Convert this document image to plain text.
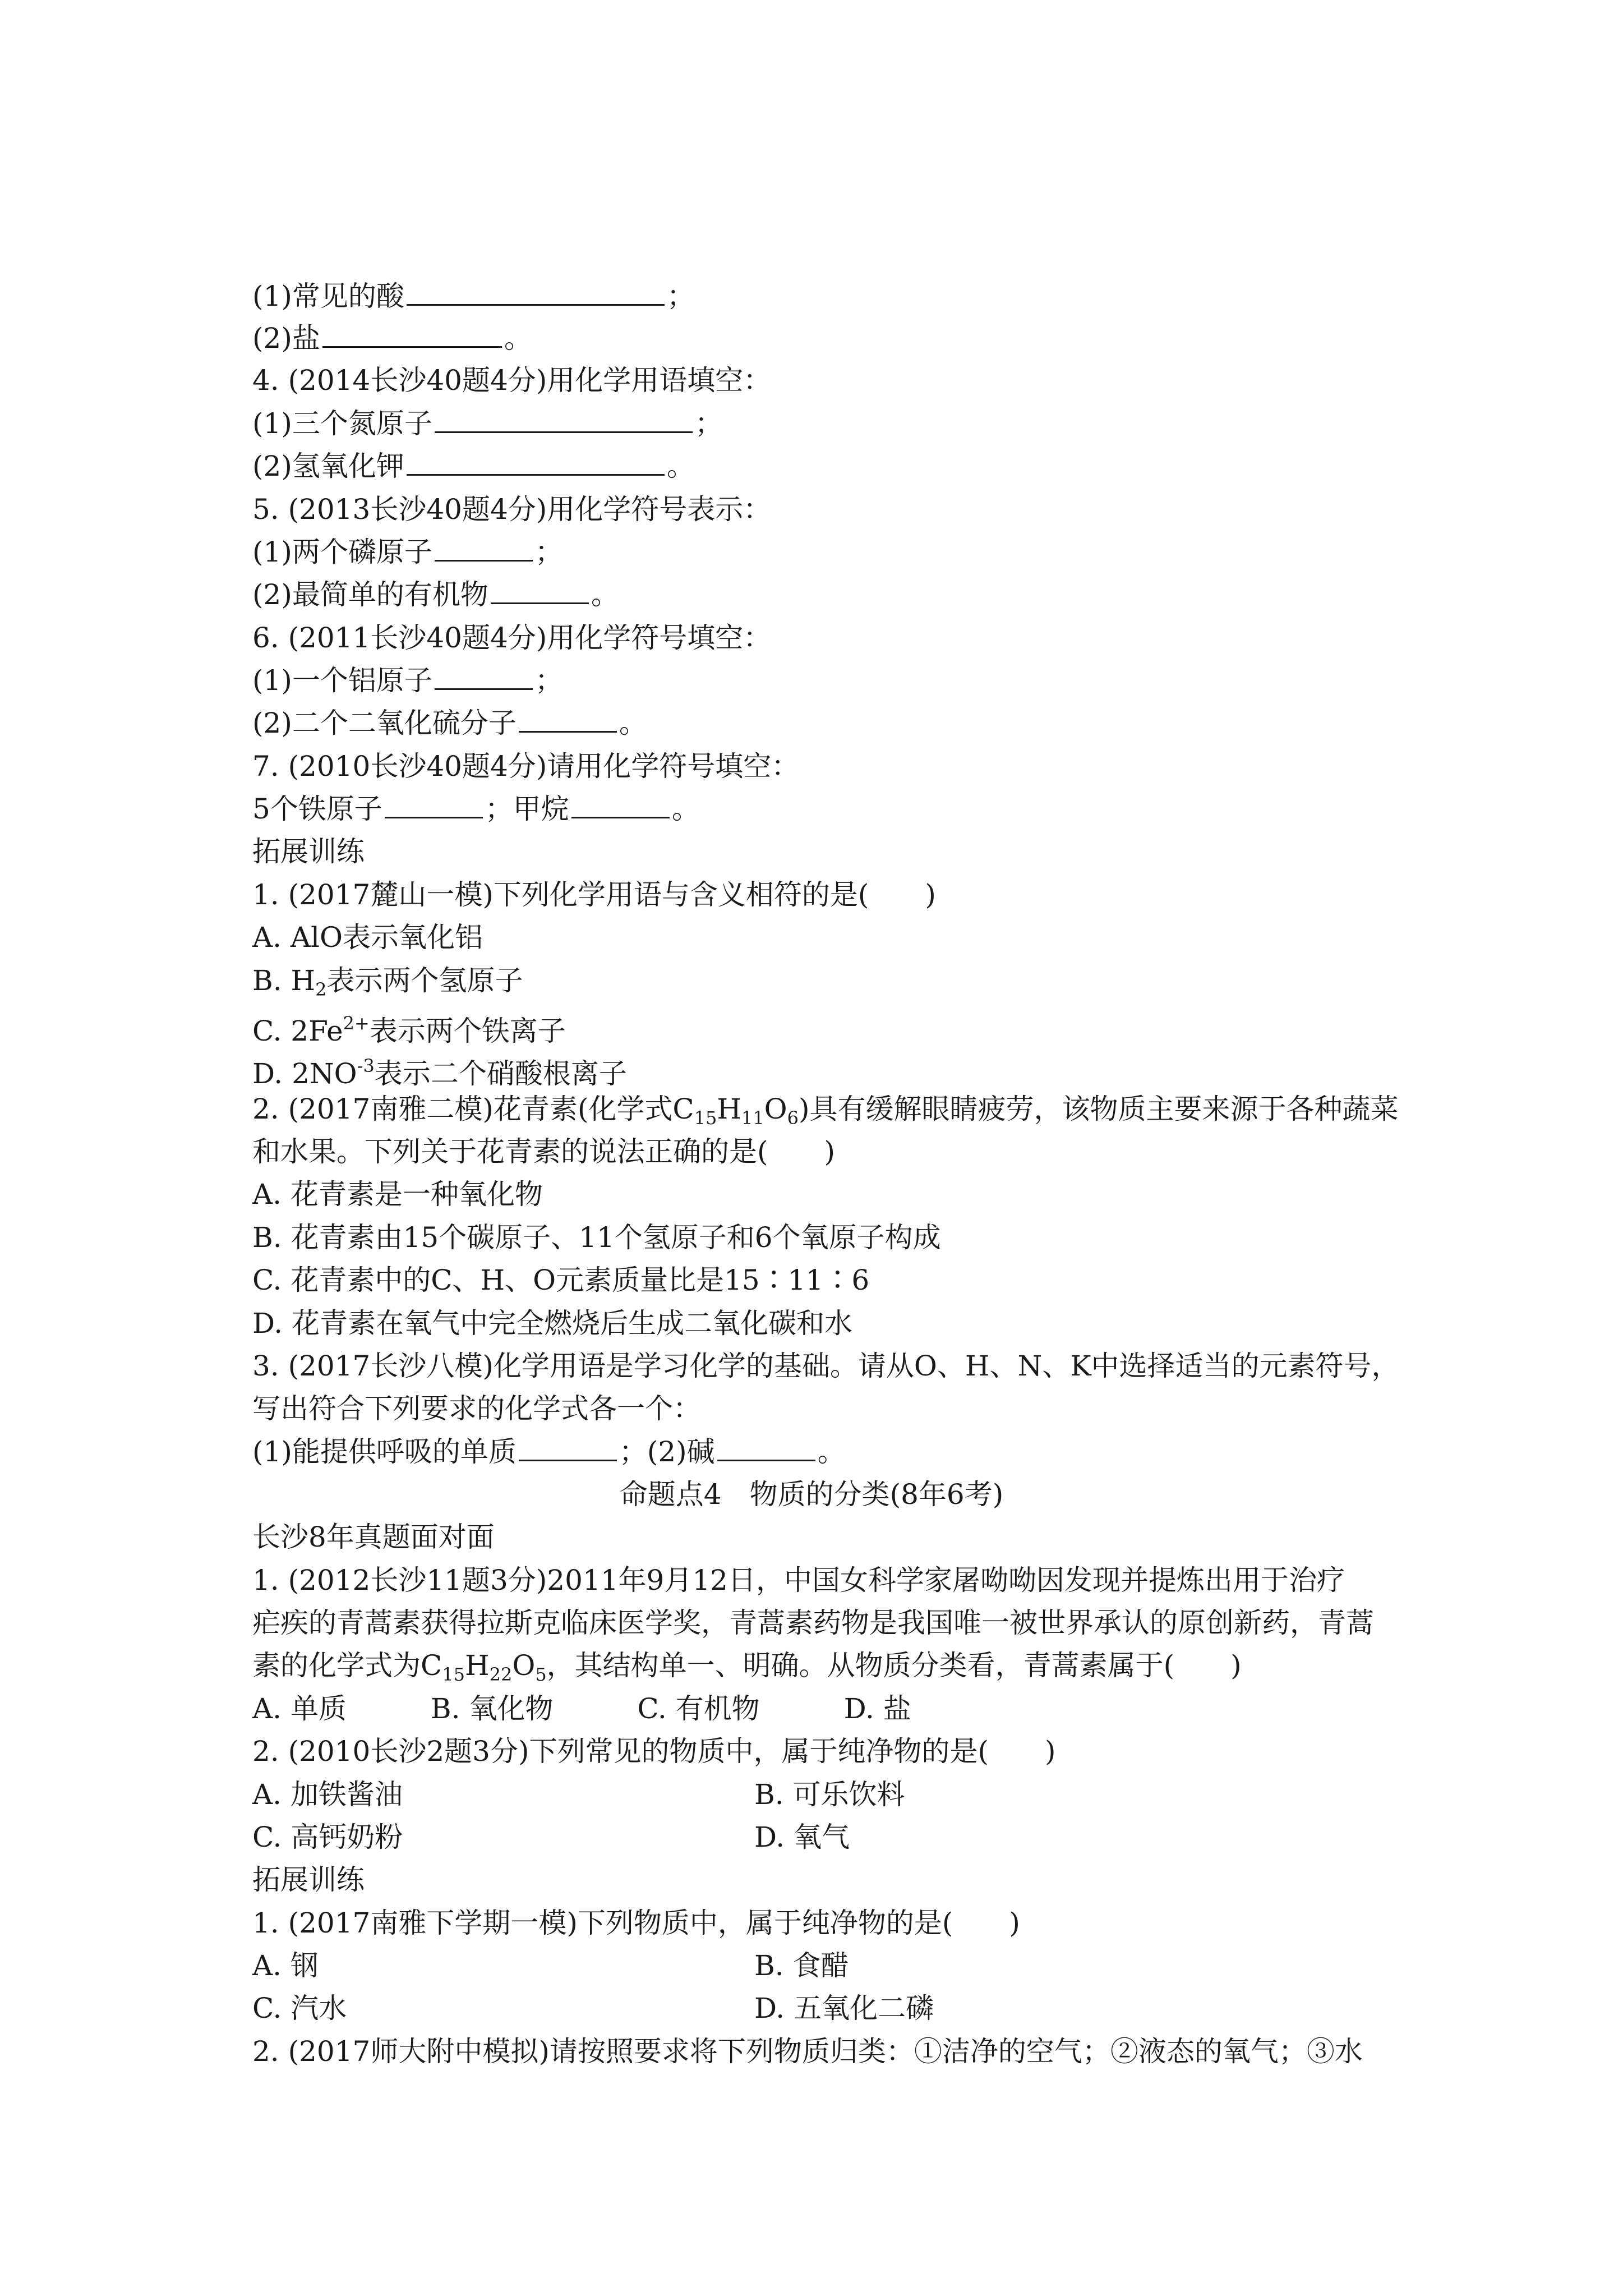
(1)常见的酸	；
(2)盐	。
4. (2014长沙40题4分)用化学用语填空：
(1)三个氮原子	；
(2)氢氧化钾	。
5. (2013长沙40题4分)用化学符号表示：
(1)两个磷原子	；
(2)最简单的有机物	。
6. (2011长沙40题4分)用化学符号填空：
(1)一个铝原子	；
(2)二个二氧化硫分子	。
7. (2010长沙40题4分)请用化学符号填空：
5个铁原子	；甲烷	。
拓展训练
1. (2017麓山一模)下列化学用语与含义相符的是(　　)
A. AlO表示氧化铝
B. $H_2$表示两个氢原子
C. $2Fe^{2+}$表示两个铁离子
D. $2NO^{-3}$表示二个硝酸根离子
2. (2017南雅二模)花青素(化学式$C_{15}H_{11}O_6$)具有缓解眼睛疲劳，该物质主要来源于各种蔬菜
和水果。下列关于花青素的说法正确的是(　　)
A. 花青素是一种氧化物
B. 花青素由15个碳原子、11个氢原子和6个氧原子构成
C. 花青素中的C、H、O元素质量比是15∶11∶6
D. 花青素在氧气中完全燃烧后生成二氧化碳和水
3. (2017长沙八模)化学用语是学习化学的基础。请从O、H、N、K中选择适当的元素符号，
写出符合下列要求的化学式各一个：
(1)能提供呼吸的单质	；(2)碱	。
命题点4　物质的分类(8年6考)
长沙8年真题面对面
1. (2012长沙11题3分)2011年9月12日，中国女科学家屠呦呦因发现并提炼出用于治疗
疟疾的青蒿素获得拉斯克临床医学奖，青蒿素药物是我国唯一被世界承认的原创新药，青蒿
素的化学式为$C_{15}H_{22}O_5$，其结构单一、明确。从物质分类看，青蒿素属于(　　)
A. 单质　　　B. 氧化物　　　C. 有机物　　　D. 盐
2. (2010长沙2题3分)下列常见的物质中，属于纯净物的是(　　)
A. 加铁酱油	B. 可乐饮料
C. 高钙奶粉	D. 氧气
拓展训练
1. (2017南雅下学期一模)下列物质中，属于纯净物的是(　　)
A. 钢	B. 食醋
C. 汽水	D. 五氧化二磷
2. (2017师大附中模拟)请按照要求将下列物质归类：①洁净的空气；②液态的氧气；③水
